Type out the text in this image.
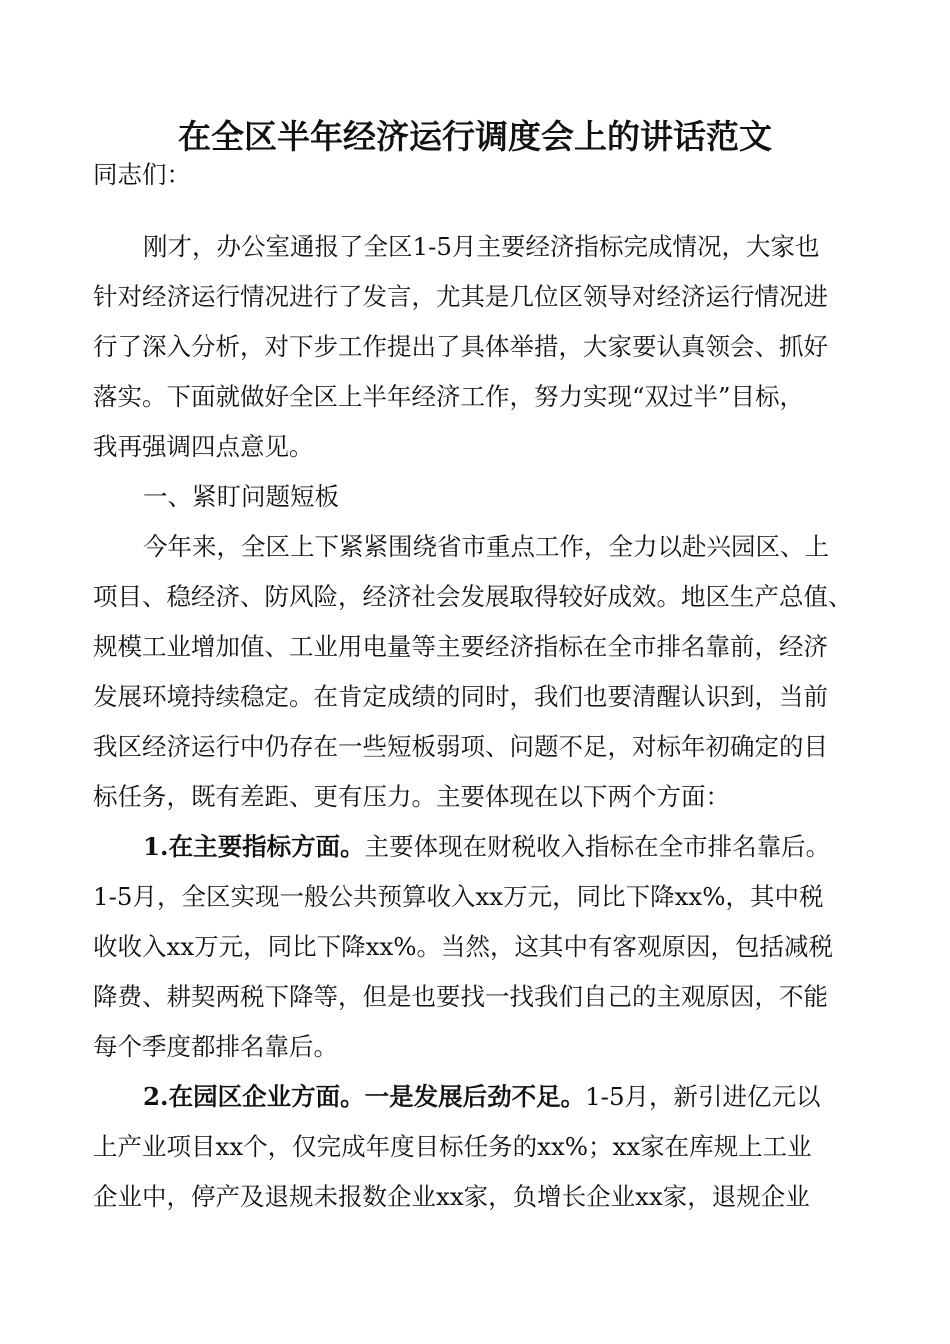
在全区半年经济运行调度会上的讲话范文

同志们：

刚才，办公室通报了全区1-5月主要经济指标完成情况，大家也

针对经济运行情况进行了发言，尤其是几位区领导对经济运行情况进

行了深入分析，对下步工作提出了具体举措，大家要认真领会、抓好

落实。下面就做好全区上半年经济工作，努力实现“双过半”目标，

我再强调四点意见。

一、紧盯问题短板

今年来，全区上下紧紧围绕省市重点工作，全力以赴兴园区、上

项目、稳经济、防风险，经济社会发展取得较好成效。地区生产总值、

规模工业增加值、工业用电量等主要经济指标在全市排名靠前，经济

发展环境持续稳定。在肯定成绩的同时，我们也要清醒认识到，当前

我区经济运行中仍存在一些短板弱项、问题不足，对标年初确定的目

标任务，既有差距、更有压力。主要体现在以下两个方面：

1.在主要指标方面。主要体现在财税收入指标在全市排名靠后。

1-5月，全区实现一般公共预算收入xx万元，同比下降xx%，其中税

收收入xx万元，同比下降xx%。当然，这其中有客观原因，包括减税

降费、耕契两税下降等，但是也要找一找我们自己的主观原因，不能

每个季度都排名靠后。

2.在园区企业方面。一是发展后劲不足。1-5月，新引进亿元以

上产业项目xx个，仅完成年度目标任务的xx%；xx家在库规上工业

企业中，停产及退规未报数企业xx家，负增长企业xx家，退规企业
